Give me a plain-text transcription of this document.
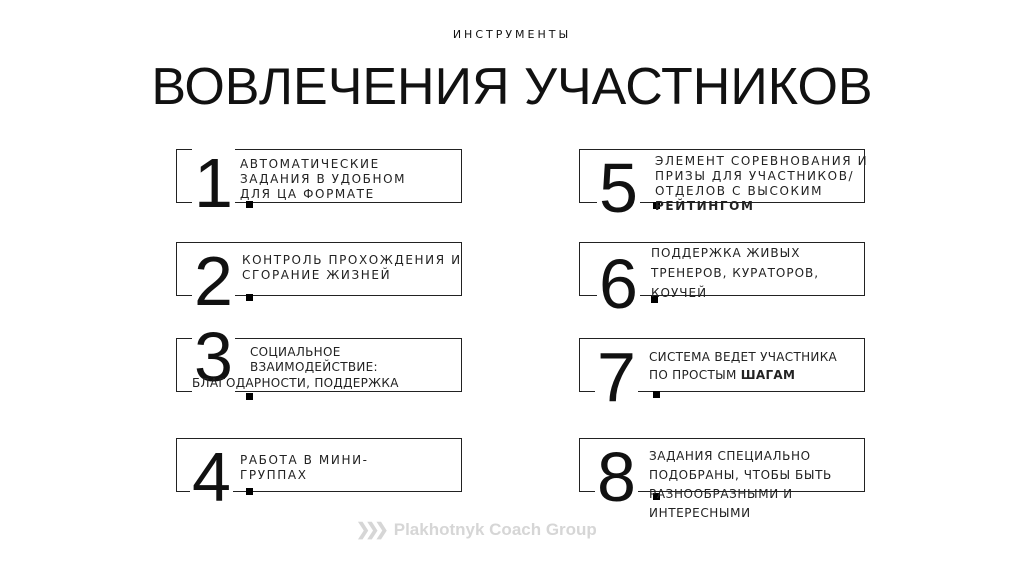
ИНСТРУМЕНТЫ
ВОВЛЕЧЕНИЯ УЧАСТНИКОВ
1 АВТОМАТИЧЕСКИЕ ЗАДАНИЯ В УДОБНОМ ДЛЯ ЦА ФОРМАТЕ
2 КОНТРОЛЬ ПРОХОЖДЕНИЯ И СГОРАНИЕ ЖИЗНЕЙ
3 СОЦИАЛЬНОЕ ВЗАИМОДЕЙСТВИЕ:
БЛАГОДАРНОСТИ, ПОДДЕРЖКА
4 РАБОТА В МИНИ-ГРУППАХ
5 ЭЛЕМЕНТ СОРЕВНОВАНИЯ И ПРИЗЫ ДЛЯ УЧАСТНИКОВ/ОТДЕЛОВ С ВЫСОКИМ РЕЙТИНГОМ
6 ПОДДЕРЖКА ЖИВЫХ ТРЕНЕРОВ, КУРАТОРОВ, КОУЧЕЙ
7 СИСТЕМА ВЕДЕТ УЧАСТНИКА ПО ПРОСТЫМ ШАГАМ
8 ЗАДАНИЯ СПЕЦИАЛЬНО ПОДОБРАНЫ, ЧТОБЫ БЫТЬ РАЗНООБРАЗНЫМИ И ИНТЕРЕСНЫМИ
❯❯❯ Plakhotnyk Coach Group
